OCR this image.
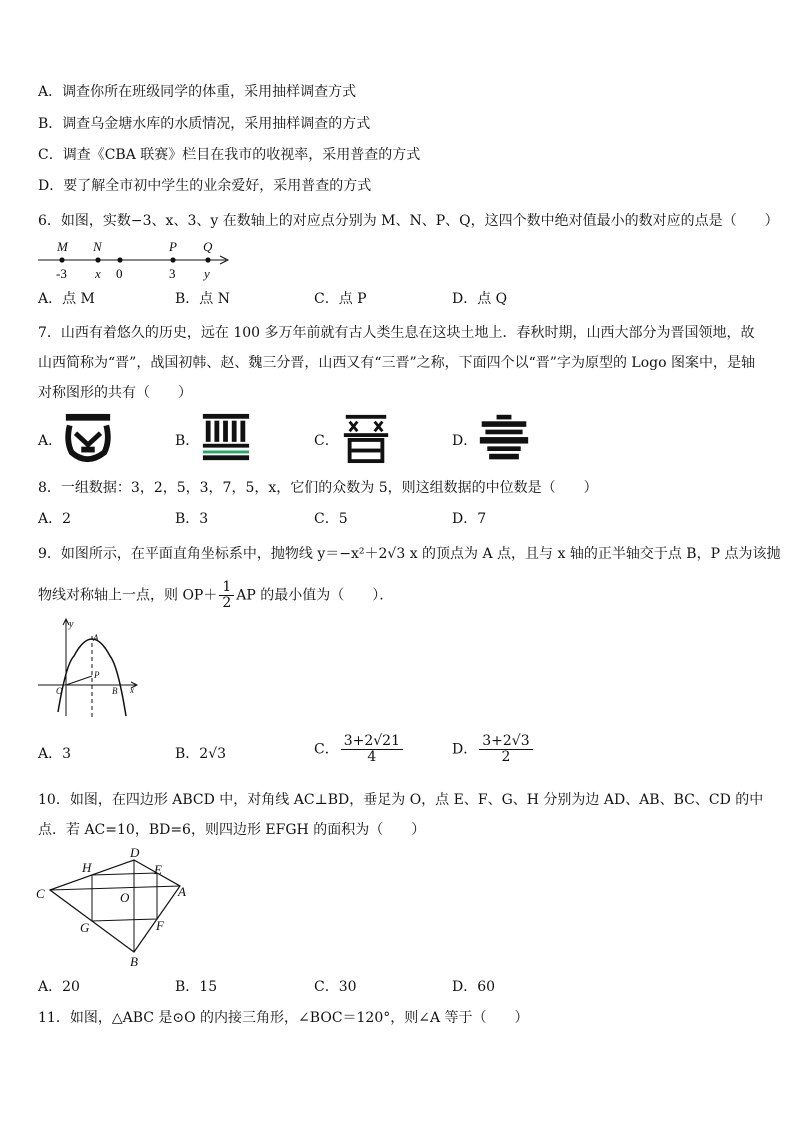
A．调查你所在班级同学的体重，采用抽样调查方式
B．调查乌金塘水库的水质情况，采用抽样调查的方式
C．调查《CBA 联赛》栏目在我市的收视率，采用普查的方式
D．要了解全市初中学生的业余爱好，采用普查的方式
6．如图，实数−3、x、3、y 在数轴上的对应点分别为 M、N、P、Q，这四个数中绝对值最小的数对应的点是（　　）
M N	P Q
-3 x 0	3 y
A．点 M	B．点 N	C．点 P	D．点 Q
7．山西有着悠久的历史，远在 100 多万年前就有古人类生息在这块土地上．春秋时期，山西大部分为晋国领地，故
山西简称为“晋”，战国初韩、赵、魏三分晋，山西又有“三晋”之称，下面四个以“晋”字为原型的 Logo 图案中，是轴
对称图形的共有（　　）
A．	B．	C．	D．
8．一组数据：3，2，5，3，7，5，x，它们的众数为 5，则这组数据的中位数是（　　）
A．2	B．3	C．5	D．7
9．如图所示，在平面直角坐标系中，抛物线 y＝−x²＋2√3 x 的顶点为 A 点，且与 x 轴的正半轴交于点 B，P 点为该抛
物线对称轴上一点，则 $OP+ \frac{1}{2}$ AP 的最小值为（　　）．
y
A
P
O	B x
A．3	B．2√3	C． $\frac{3+2√21}{4}$	D． $\frac{3+2√3}{2}$
10．如图，在四边形 ABCD 中，对角线 AC⊥BD，垂足为 O，点 E、F、G、H 分别为边 AD、AB、BC、CD 的中
点．若 AC=10，BD=6，则四边形 EFGH 的面积为（　　）
D
H	E
C	O	A
G	F
B
A．20	B．15	C．30	D．60
11．如图，△ABC 是⊙O 的内接三角形，∠BOC＝120°，则∠A 等于（　　）
